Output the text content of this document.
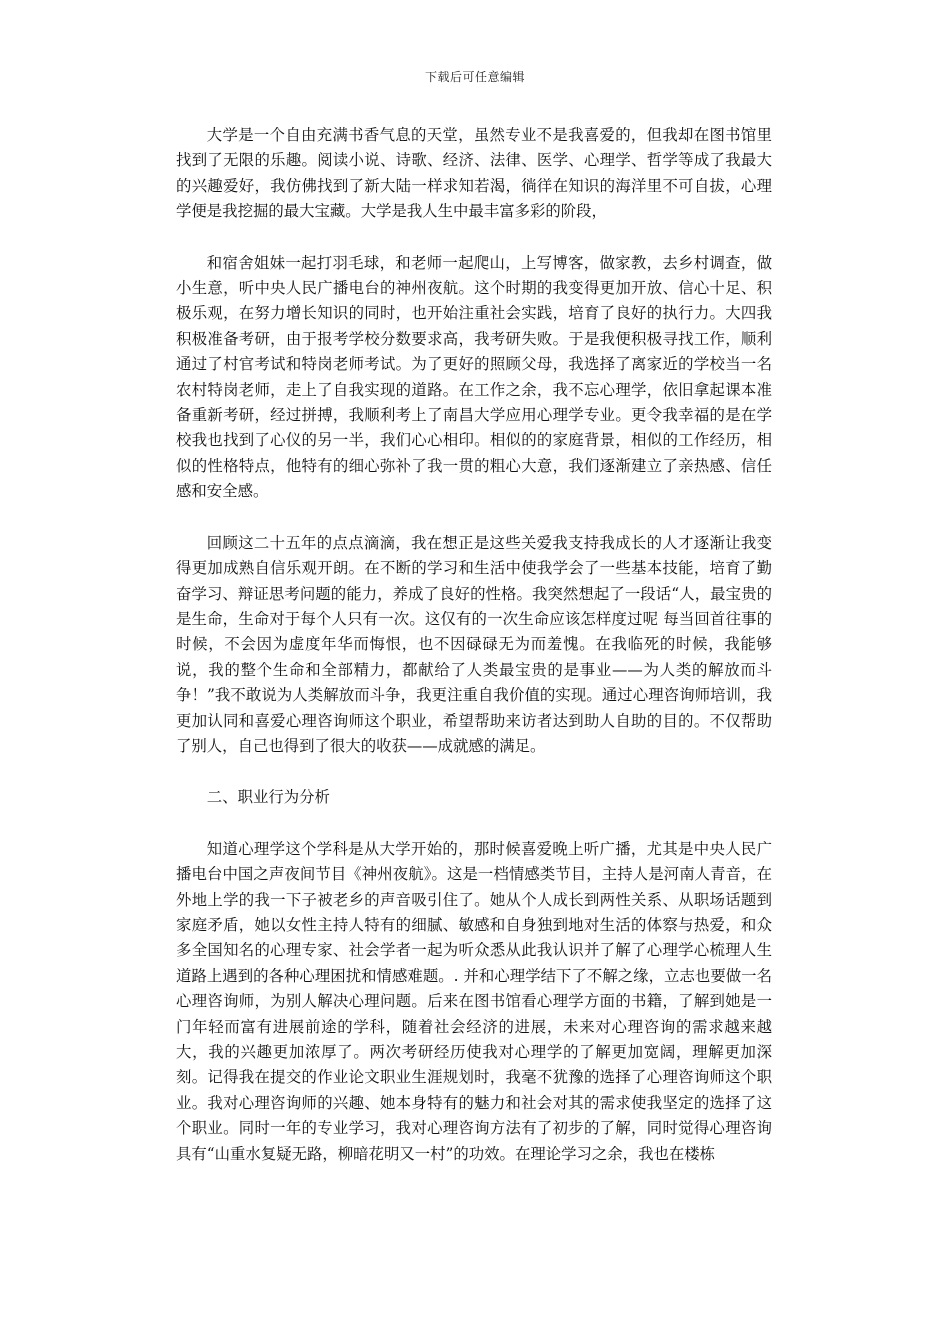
下载后可任意编辑

大学是一个自由充满书香气息的天堂，虽然专业不是我喜爱的，但我却在图书馆里找到了无限的乐趣。阅读小说、诗歌、经济、法律、医学、心理学、哲学等成了我最大的兴趣爱好，我仿佛找到了新大陆一样求知若渴，徜徉在知识的海洋里不可自拔，心理学便是我挖掘的最大宝藏。大学是我人生中最丰富多彩的阶段，

和宿舍姐妹一起打羽毛球，和老师一起爬山，上写博客，做家教，去乡村调查，做小生意，听中央人民广播电台的神州夜航。这个时期的我变得更加开放、信心十足、积极乐观，在努力增长知识的同时，也开始注重社会实践，培育了良好的执行力。大四我积极准备考研，由于报考学校分数要求高，我考研失败。于是我便积极寻找工作，顺利通过了村官考试和特岗老师考试。为了更好的照顾父母，我选择了离家近的学校当一名农村特岗老师，走上了自我实现的道路。在工作之余，我不忘心理学，依旧拿起课本准备重新考研，经过拼搏，我顺利考上了南昌大学应用心理学专业。更令我幸福的是在学校我也找到了心仪的另一半，我们心心相印。相似的的家庭背景，相似的工作经历，相似的性格特点，他特有的细心弥补了我一贯的粗心大意，我们逐渐建立了亲热感、信任感和安全感。

回顾这二十五年的点点滴滴，我在想正是这些关爱我支持我成长的人才逐渐让我变得更加成熟自信乐观开朗。在不断的学习和生活中使我学会了一些基本技能，培育了勤奋学习、辩证思考问题的能力，养成了良好的性格。我突然想起了一段话“人，最宝贵的是生命，生命对于每个人只有一次。这仅有的一次生命应该怎样度过呢 每当回首往事的时候，不会因为虚度年华而悔恨，也不因碌碌无为而羞愧。在我临死的时候，我能够说，我的整个生命和全部精力，都献给了人类最宝贵的是事业——为人类的解放而斗争！”我不敢说为人类解放而斗争，我更注重自我价值的实现。通过心理咨询师培训，我更加认同和喜爱心理咨询师这个职业，希望帮助来访者达到助人自助的目的。不仅帮助了别人，自己也得到了很大的收获——成就感的满足。

二、职业行为分析

知道心理学这个学科是从大学开始的，那时候喜爱晚上听广播，尤其是中央人民广播电台中国之声夜间节目《神州夜航》。这是一档情感类节目，主持人是河南人青音，在外地上学的我一下子被老乡的声音吸引住了。她从个人成长到两性关系、从职场话题到家庭矛盾，她以女性主持人特有的细腻、敏感和自身独到地对生活的体察与热爱，和众多全国知名的心理专家、社会学者一起为听众悉从此我认识并了解了心理学心梳理人生道路上遇到的各种心理困扰和情感难题。. 并和心理学结下了不解之缘，立志也要做一名心理咨询师，为别人解决心理问题。后来在图书馆看心理学方面的书籍，了解到她是一门年轻而富有进展前途的学科，随着社会经济的进展，未来对心理咨询的需求越来越大，我的兴趣更加浓厚了。两次考研经历使我对心理学的了解更加宽阔，理解更加深刻。记得我在提交的作业论文职业生涯规划时，我毫不犹豫的选择了心理咨询师这个职业。我对心理咨询师的兴趣、她本身特有的魅力和社会对其的需求使我坚定的选择了这个职业。同时一年的专业学习，我对心理咨询方法有了初步的了解，同时觉得心理咨询具有“山重水复疑无路，柳暗花明又一村”的功效。在理论学习之余，我也在楼栋
